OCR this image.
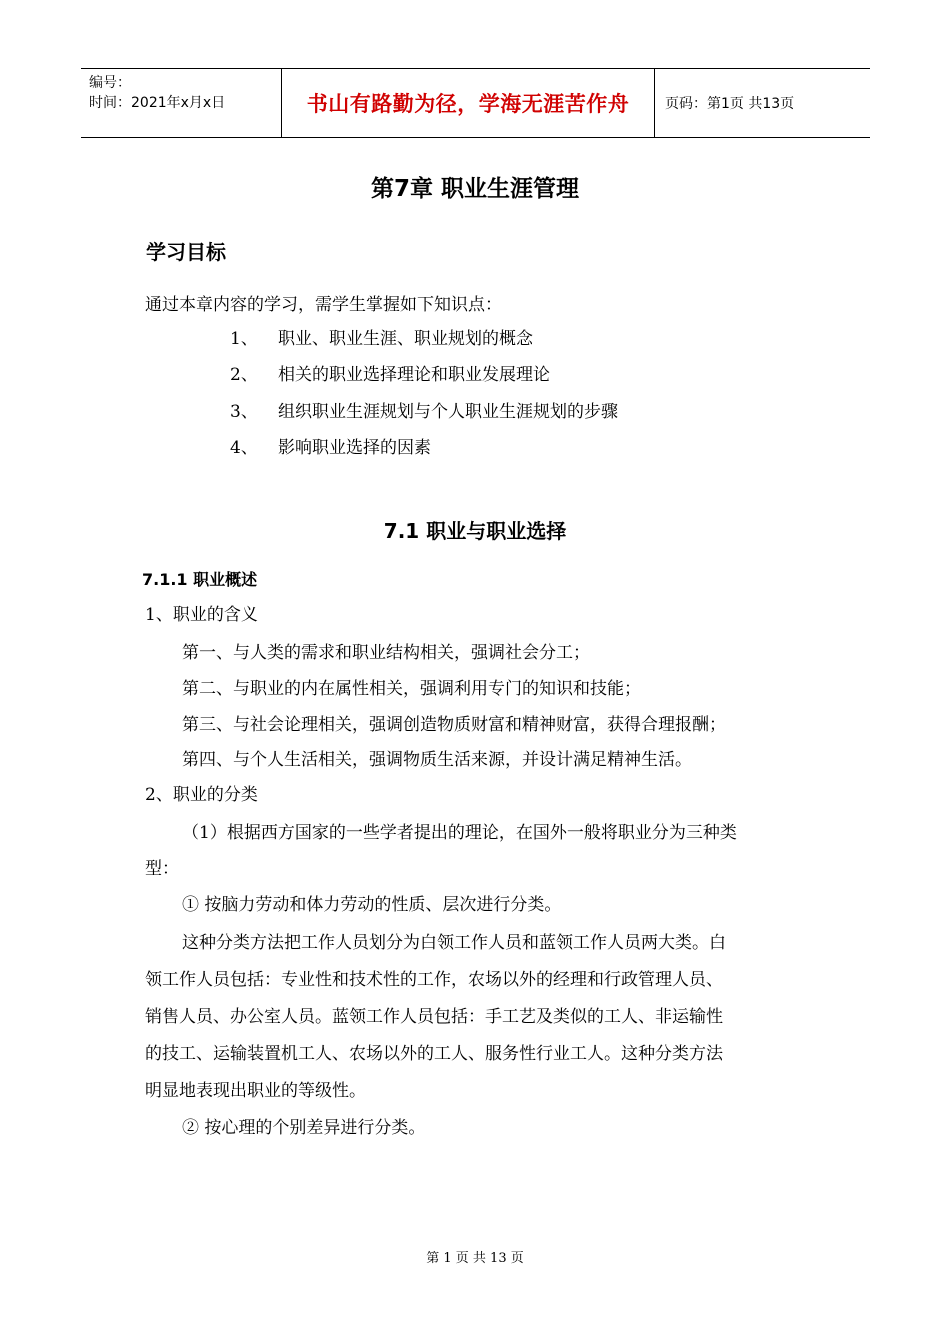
编号：
时间：2021年x月x日	书山有路勤为径，学海无涯苦作舟	页码：第1页 共13页
第7章 职业生涯管理
学习目标
通过本章内容的学习，需学生掌握如下知识点：
1、 职业、职业生涯、职业规划的概念
2、 相关的职业选择理论和职业发展理论
3、 组织职业生涯规划与个人职业生涯规划的步骤
4、 影响职业选择的因素
7.1 职业与职业选择
7.1.1 职业概述
1、职业的含义
第一、与人类的需求和职业结构相关，强调社会分工；
第二、与职业的内在属性相关，强调利用专门的知识和技能；
第三、与社会论理相关，强调创造物质财富和精神财富，获得合理报酬；
第四、与个人生活相关，强调物质生活来源，并设计满足精神生活。
2、职业的分类
（1）根据西方国家的一些学者提出的理论，在国外一般将职业分为三种类
型：
① 按脑力劳动和体力劳动的性质、层次进行分类。
这种分类方法把工作人员划分为白领工作人员和蓝领工作人员两大类。白
领工作人员包括：专业性和技术性的工作，农场以外的经理和行政管理人员、
销售人员、办公室人员。蓝领工作人员包括：手工艺及类似的工人、非运输性
的技工、运输装置机工人、农场以外的工人、服务性行业工人。这种分类方法
明显地表现出职业的等级性。
② 按心理的个别差异进行分类。
第 1 页 共 13 页
